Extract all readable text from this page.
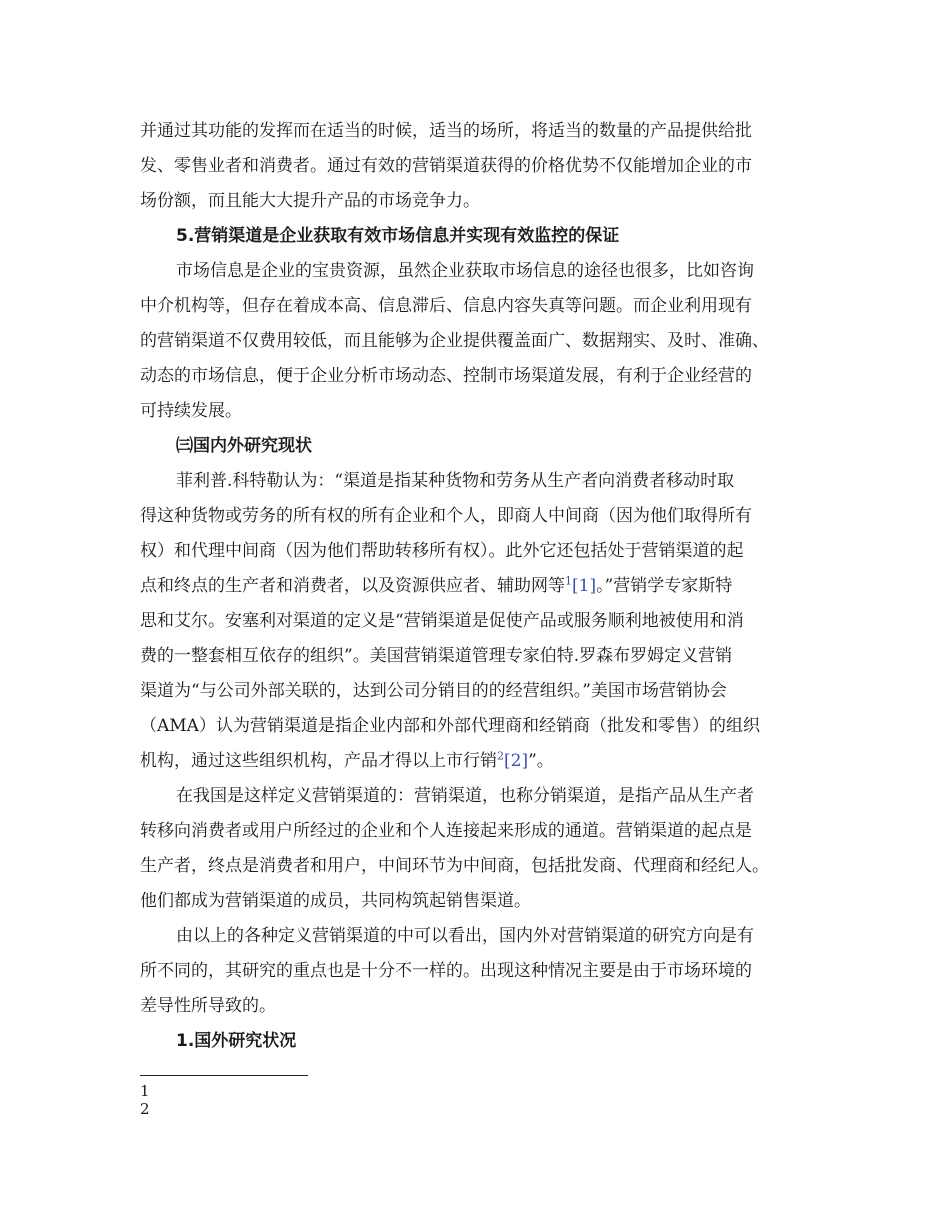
并通过其功能的发挥而在适当的时候，适当的场所，将适当的数量的产品提供给批
发、零售业者和消费者。通过有效的营销渠道获得的价格优势不仅能增加企业的市
场份额，而且能大大提升产品的市场竞争力。
5.营销渠道是企业获取有效市场信息并实现有效监控的保证
市场信息是企业的宝贵资源，虽然企业获取市场信息的途径也很多，比如咨询
中介机构等，但存在着成本高、信息滞后、信息内容失真等问题。而企业利用现有
的营销渠道不仅费用较低，而且能够为企业提供覆盖面广、数据翔实、及时、准确、
动态的市场信息，便于企业分析市场动态、控制市场渠道发展，有利于企业经营的
可持续发展。
㈢国内外研究现状
菲利普.科特勒认为：“渠道是指某种货物和劳务从生产者向消费者移动时取
得这种货物或劳务的所有权的所有企业和个人，即商人中间商（因为他们取得所有
权）和代理中间商（因为他们帮助转移所有权）。此外它还包括处于营销渠道的起
点和终点的生产者和消费者，以及资源供应者、辅助网等$^1$[1]。”营销学专家斯特
思和艾尔。安塞利对渠道的定义是“营销渠道是促使产品或服务顺利地被使用和消
费的一整套相互依存的组织”。美国营销渠道管理专家伯特.罗森布罗姆定义营销
渠道为“与公司外部关联的，达到公司分销目的的经营组织。”美国市场营销协会
（AMA）认为营销渠道是指企业内部和外部代理商和经销商（批发和零售）的组织
机构，通过这些组织机构，产品才得以上市行销$^2$[2]”。
在我国是这样定义营销渠道的：营销渠道，也称分销渠道，是指产品从生产者
转移向消费者或用户所经过的企业和个人连接起来形成的通道。营销渠道的起点是
生产者，终点是消费者和用户，中间环节为中间商，包括批发商、代理商和经纪人。
他们都成为营销渠道的成员，共同构筑起销售渠道。
由以上的各种定义营销渠道的中可以看出，国内外对营销渠道的研究方向是有
所不同的，其研究的重点也是十分不一样的。出现这种情况主要是由于市场环境的
差导性所导致的。
1.国外研究状况
1
2
